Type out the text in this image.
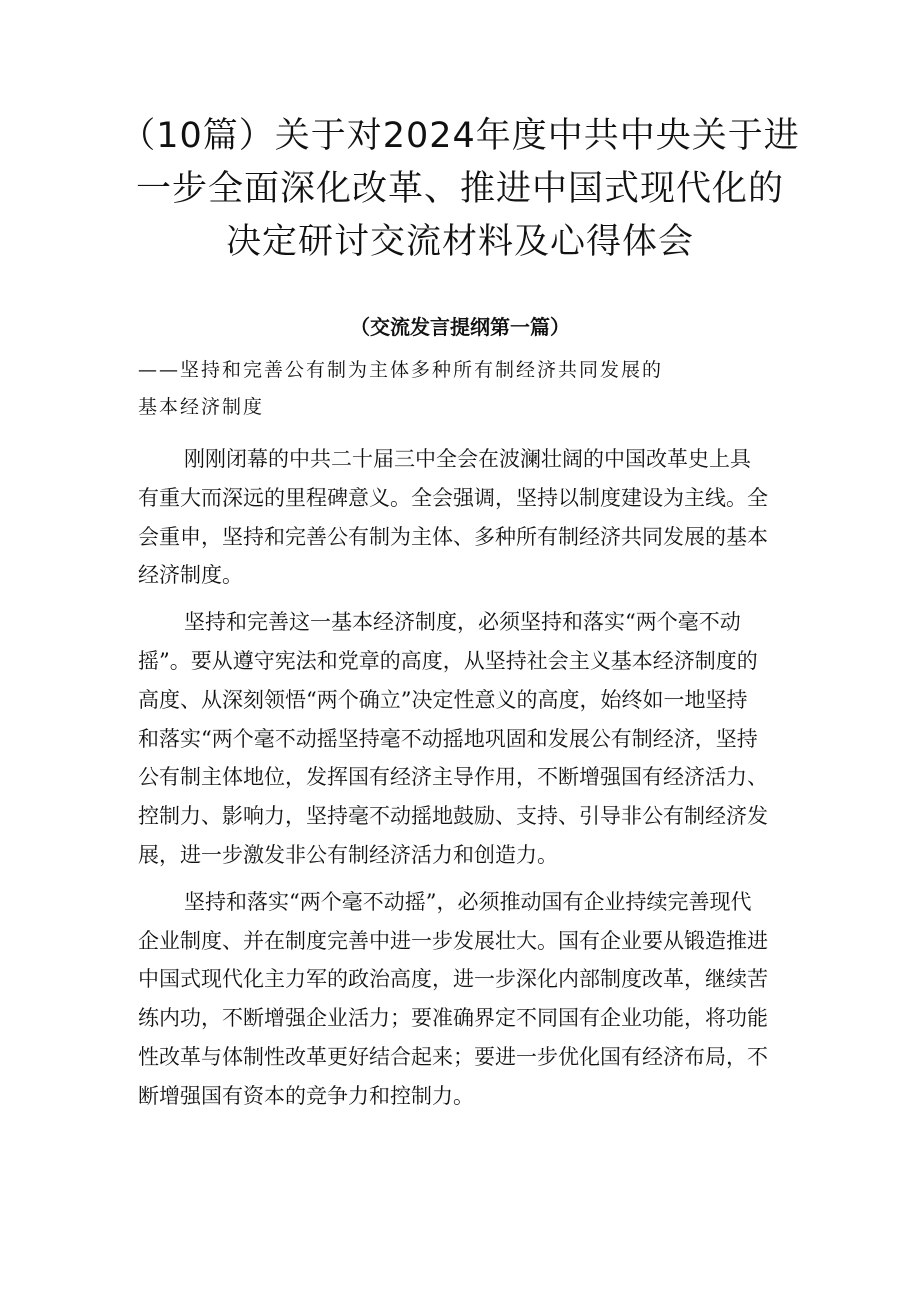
（10篇）关于对2024年度中共中央关于进
一步全面深化改革、推进中国式现代化的
决定研讨交流材料及心得体会
（交流发言提纲第一篇）
——坚持和完善公有制为主体多种所有制经济共同发展的
基本经济制度

刚刚闭幕的中共二十届三中全会在波澜壮阔的中国改革史上具
有重大而深远的里程碑意义。全会强调，坚持以制度建设为主线。全
会重申，坚持和完善公有制为主体、多种所有制经济共同发展的基本
经济制度。

坚持和完善这一基本经济制度，必须坚持和落实“两个毫不动
摇”。要从遵守宪法和党章的高度，从坚持社会主义基本经济制度的
高度、从深刻领悟“两个确立”决定性意义的高度，始终如一地坚持
和落实“两个毫不动摇坚持毫不动摇地巩固和发展公有制经济，坚持
公有制主体地位，发挥国有经济主导作用，不断增强国有经济活力、
控制力、影响力，坚持毫不动摇地鼓励、支持、引导非公有制经济发
展，进一步激发非公有制经济活力和创造力。

坚持和落实“两个毫不动摇”，必须推动国有企业持续完善现代
企业制度、并在制度完善中进一步发展壮大。国有企业要从锻造推进
中国式现代化主力军的政治高度，进一步深化内部制度改革，继续苦
练内功，不断增强企业活力；要准确界定不同国有企业功能，将功能
性改革与体制性改革更好结合起来；要进一步优化国有经济布局，不
断增强国有资本的竞争力和控制力。
